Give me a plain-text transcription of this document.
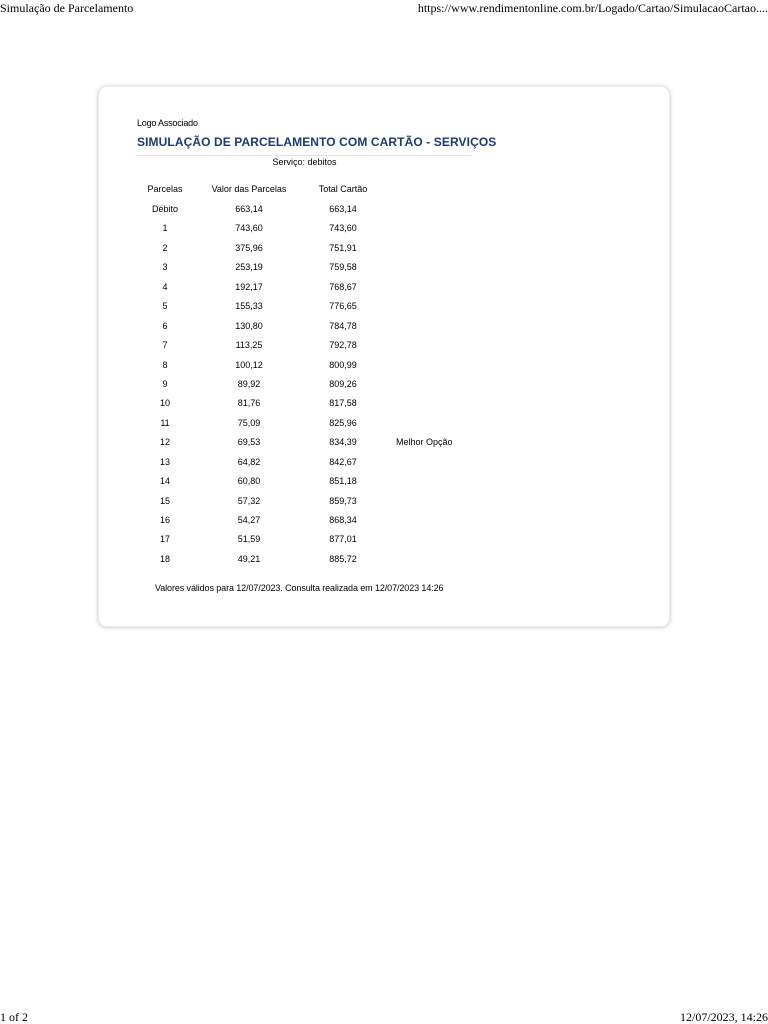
Simulação de Parcelamento	https://www.rendimentonline.com.br/Logado/Cartao/SimulacaoCartao....
Logo Associado
SIMULAÇÃO DE PARCELAMENTO COM CARTÃO - SERVIÇOS
Serviço: debitos
Parcelas	Valor das Parcelas	Total Cartão
Débito	663,14	663,14
1	743,60	743,60
2	375,96	751,91
3	253,19	759,58
4	192,17	768,67
5	155,33	776,65
6	130,80	784,78
7	113,25	792,78
8	100,12	800,99
9	89,92	809,26
10	81,76	817,58
11	75,09	825,96
12	69,53	834,39	Melhor Opção
13	64,82	842,67
14	60,80	851,18
15	57,32	859,73
16	54,27	868,34
17	51,59	877,01
18	49,21	885,72
Valores válidos para 12/07/2023. Consulta realizada em 12/07/2023 14:26
1 of 2	12/07/2023, 14:26
